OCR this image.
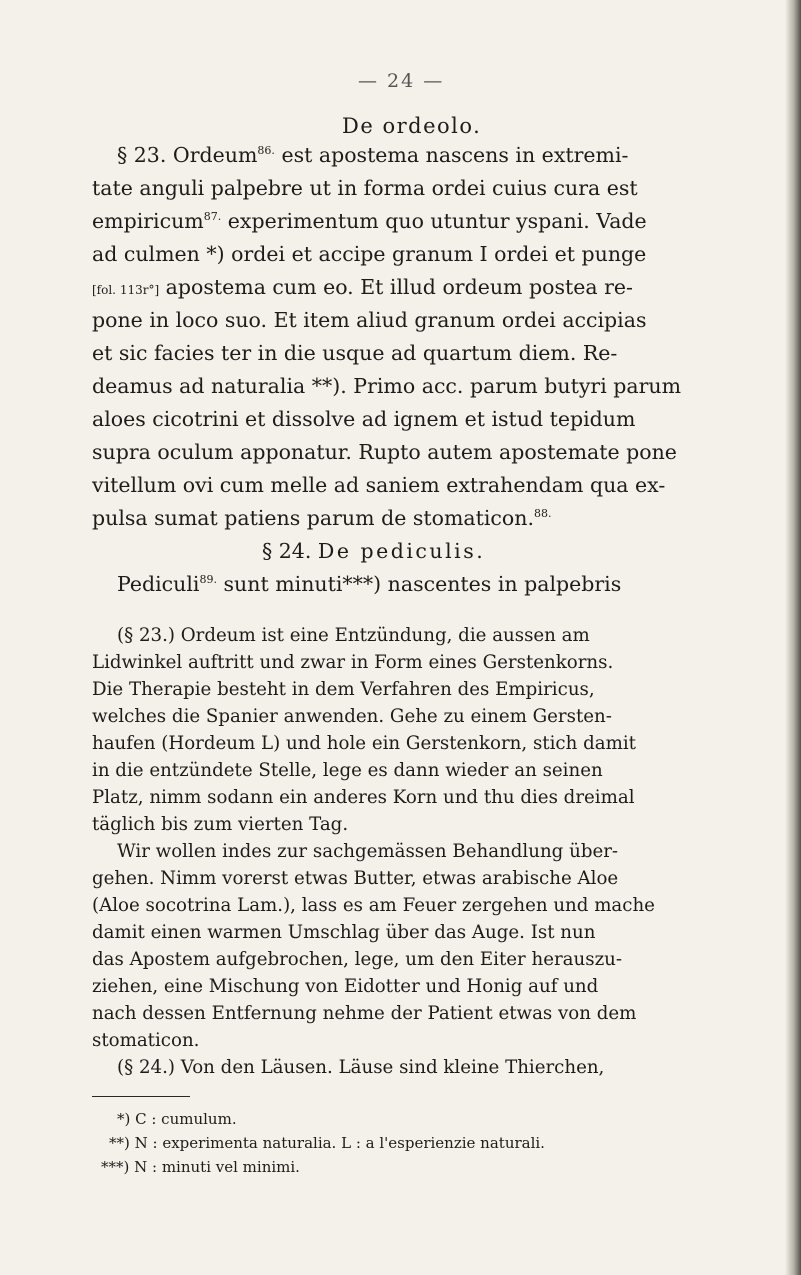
— 24 —
De ordeolo.
§ 23. Ordeum$^{86.}$ est apostema nascens in extremi-
tate anguli palpebre ut in forma ordei cuius cura est
empiricum$^{87.}$ experimentum quo utuntur yspani. Vade
ad culmen *) ordei et accipe granum I ordei et punge
[fol. 113r°] apostema cum eo. Et illud ordeum postea re-
pone in loco suo. Et item aliud granum ordei accipias
et sic facies ter in die usque ad quartum diem. Re-
deamus ad naturalia **). Primo acc. parum butyri parum
aloes cicotrini et dissolve ad ignem et istud tepidum
supra oculum apponatur. Rupto autem apostemate pone
vitellum ovi cum melle ad saniem extrahendam qua ex-
pulsa sumat patiens parum de stomaticon.$^{88.}$
§ 24. De pediculis.
Pediculi$^{89.}$ sunt minuti***) nascentes in palpebris
(§ 23.) Ordeum ist eine Entzündung, die aussen am
Lidwinkel auftritt und zwar in Form eines Gerstenkorns.
Die Therapie besteht in dem Verfahren des Empiricus,
welches die Spanier anwenden. Gehe zu einem Gersten-
haufen (Hordeum L) und hole ein Gerstenkorn, stich damit
in die entzündete Stelle, lege es dann wieder an seinen
Platz, nimm sodann ein anderes Korn und thu dies dreimal
täglich bis zum vierten Tag.
Wir wollen indes zur sachgemässen Behandlung über-
gehen. Nimm vorerst etwas Butter, etwas arabische Aloe
(Aloe socotrina Lam.), lass es am Feuer zergehen und mache
damit einen warmen Umschlag über das Auge. Ist nun
das Apostem aufgebrochen, lege, um den Eiter herauszu-
ziehen, eine Mischung von Eidotter und Honig auf und
nach dessen Entfernung nehme der Patient etwas von dem
stomaticon.
(§ 24.) Von den Läusen. Läuse sind kleine Thierchen,
*) C : cumulum.
**) N : experimenta naturalia. L : a l'esperienzie naturali.
***) N : minuti vel minimi.
